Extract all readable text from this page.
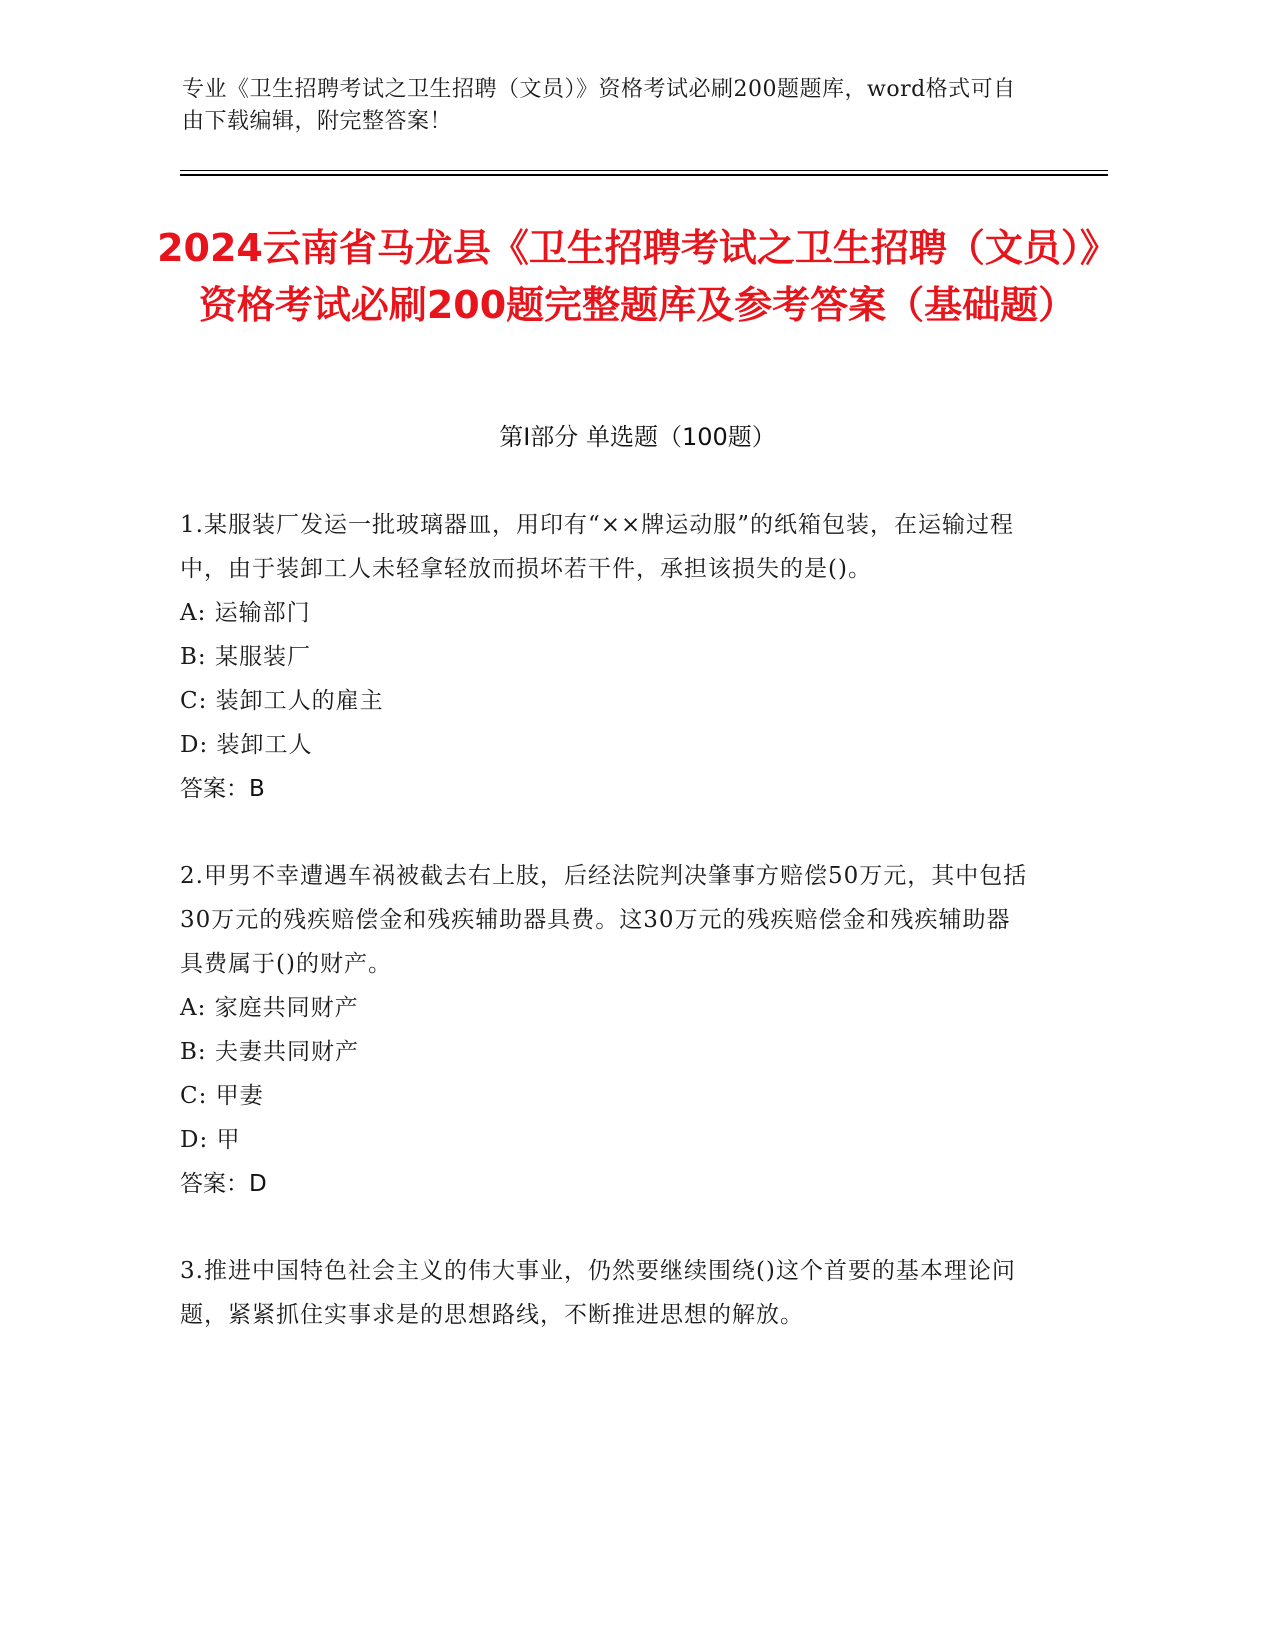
专业《卫生招聘考试之卫生招聘（文员）》资格考试必刷200题题库，word格式可自由下载编辑，附完整答案！
2024云南省马龙县《卫生招聘考试之卫生招聘（文员）》资格考试必刷200题完整题库及参考答案（基础题）
第I部分 单选题（100题）

1.某服装厂发运一批玻璃器皿，用印有“××牌运动服”的纸箱包装，在运输过程中，由于装卸工人未轻拿轻放而损坏若干件，承担该损失的是()。

A: 运输部门

B: 某服装厂

C: 装卸工人的雇主

D: 装卸工人

答案：B

2.甲男不幸遭遇车祸被截去右上肢，后经法院判决肇事方赔偿50万元，其中包括30万元的残疾赔偿金和残疾辅助器具费。这30万元的残疾赔偿金和残疾辅助器具费属于()的财产。

A: 家庭共同财产

B: 夫妻共同财产

C: 甲妻

D: 甲

答案：D

3.推进中国特色社会主义的伟大事业，仍然要继续围绕()这个首要的基本理论问题，紧紧抓住实事求是的思想路线，不断推进思想的解放。
